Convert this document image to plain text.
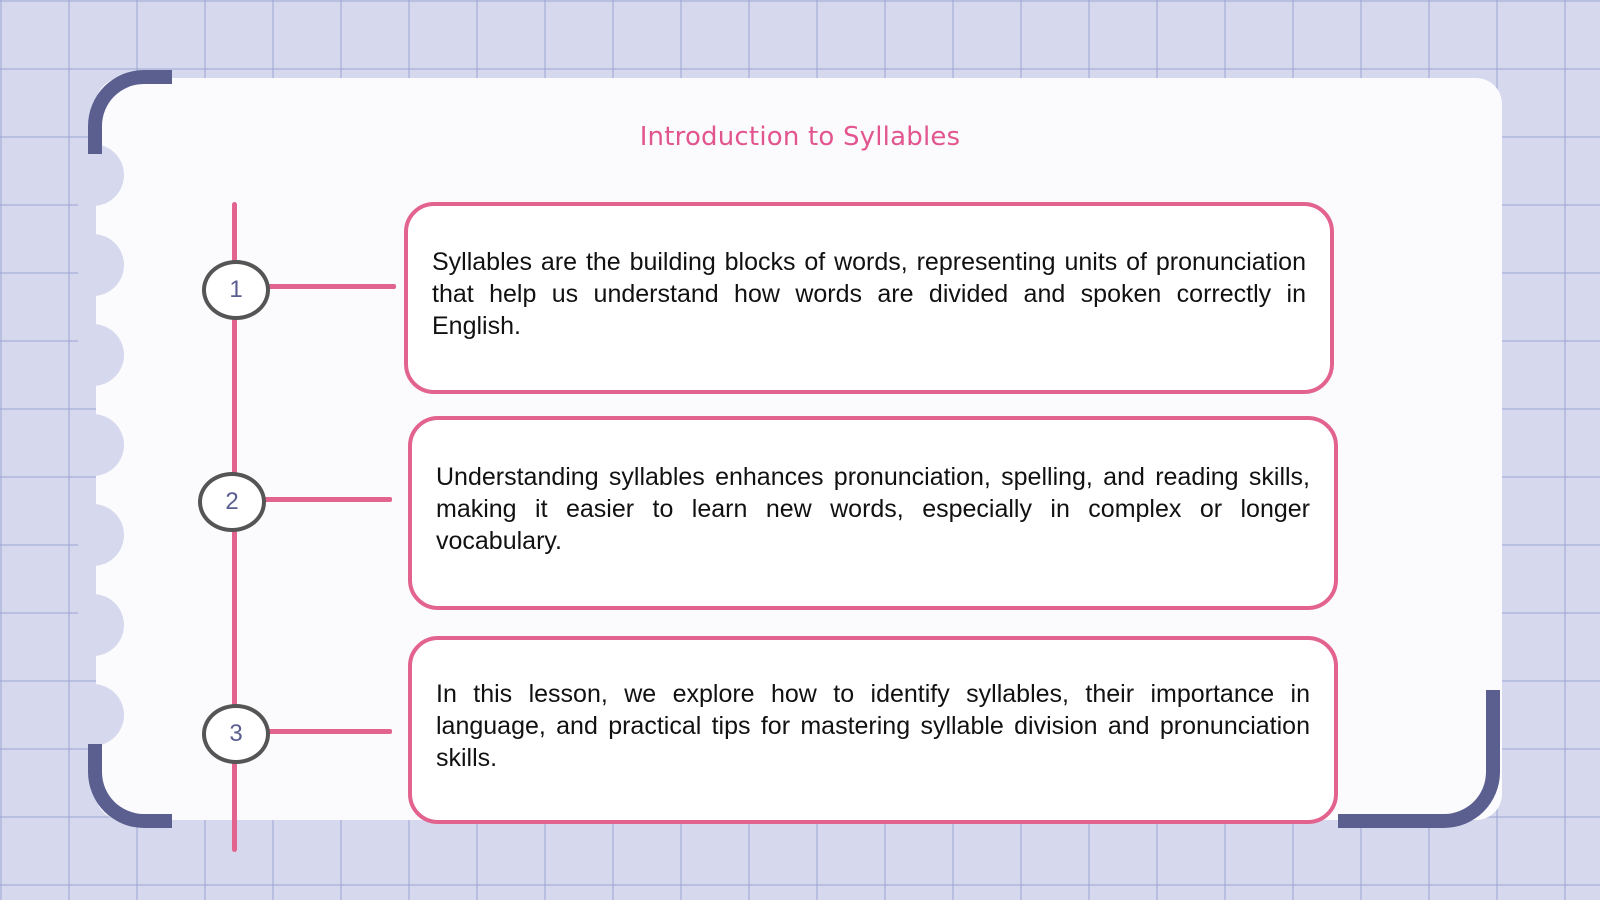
Introduction to Syllables
1
Syllables are the building blocks of words, representing units of pronunciation that help us understand how words are divided and spoken correctly in English.
2
Understanding syllables enhances pronunciation, spelling, and reading skills, making it easier to learn new words, especially in complex or longer vocabulary.
3
In this lesson, we explore how to identify syllables, their importance in language, and practical tips for mastering syllable division and pronunciation skills.
